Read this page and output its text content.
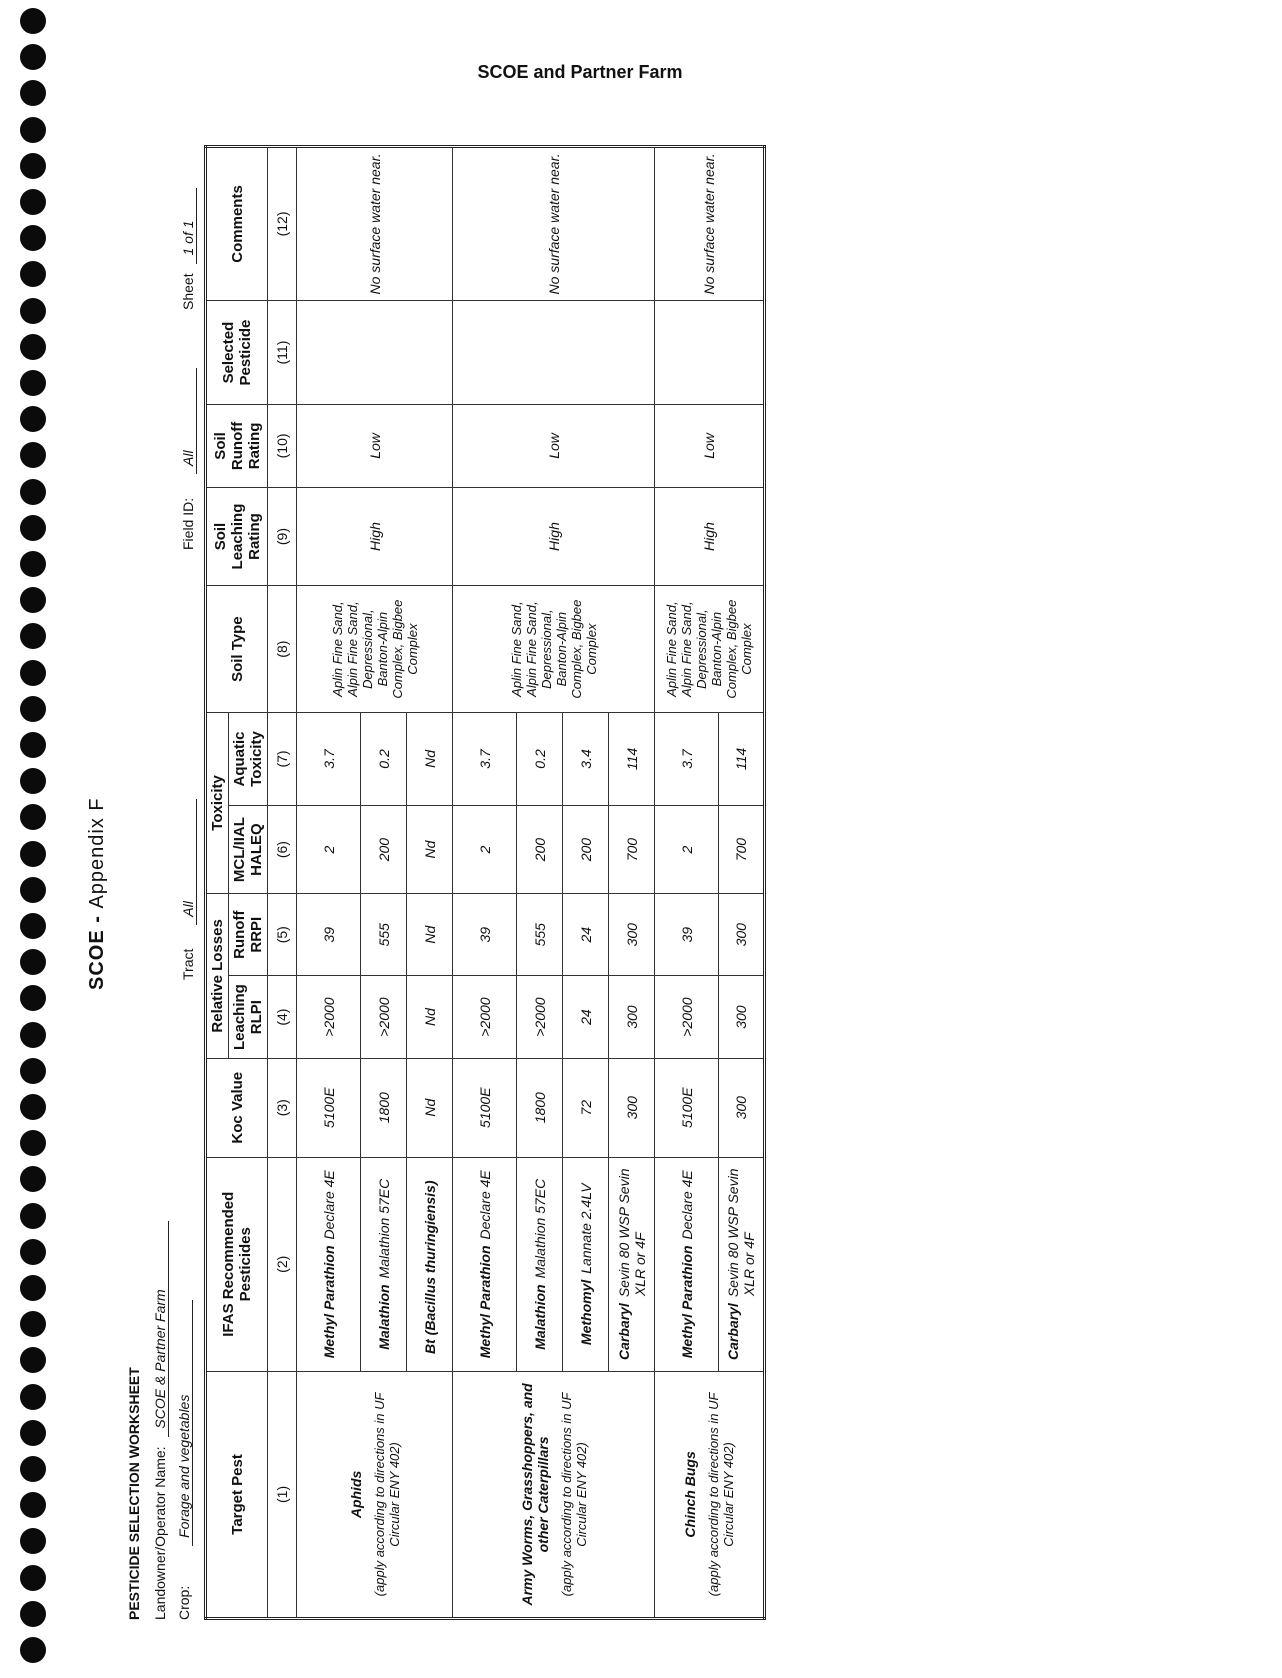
SCOE and Partner Farm
SCOE - Appendix F
PESTICIDE SELECTION WORKSHEET Landowner/Operator Name: SCOE & Partner Farm
Crop: Forage and vegetables
Tract All
Field ID: All
Sheet 1 of 1
Target Pest	IFAS Recommended Pesticides	Koc Value	Relative Losses		Toxicity		Soil Type	Soil Leaching Rating	Soil Runoff Rating	Selected Pesticide	Comments
			Leaching RLPI	Runoff RRPI	MCL/IIAL HALEQ	Aquatic Toxicity					
(1)	(2)	(3)	(4)	(5)	(6)	(7)	(8)	(9)	(10)	(11)	(12)

Aphids (apply according to directions in UF Circular ENY 402)	Methyl ParathionDeclare 4E	5100E	>2000	39	2	3.7	Aplin Fine Sand, Alpin Fine Sand, Depressional, Banton-Alpin Complex, Bigbee Complex	High	Low		No surface water near.
	MalathionMalathion 57EC	1800	>2000	555	200	0.2					
	Bt (Bacillus thuringiensis)	Nd	Nd	Nd	Nd	Nd					

Army Worms, Grasshoppers, and other Caterpillars (apply according to directions in UF Circular ENY 402)	Methyl ParathionDeclare 4E	5100E	>2000	39	2	3.7	Aplin Fine Sand, Alpin Fine Sand, Depressional, Banton-Alpin Complex, Bigbee Complex	High	Low		No surface water near.
	MalathionMalathion 57EC	1800	>2000	555	200	0.2					
	MethomylLannate 2.4LV	72	24	24	200	3.4					
	CarbarylSevin 80 WSP Sevin XLR or 4F	300	300	300	700	114					

Chinch Bugs (apply according to directions in UF Circular ENY 402)	Methyl ParathionDeclare 4E	5100E	>2000	39	2	3.7	Aplin Fine Sand, Alpin Fine Sand, Depressional, Banton-Alpin Complex, Bigbee Complex	High	Low		No surface water near.
	CarbarylSevin 80 WSP Sevin XLR or 4F	300	300	300	700	114					
